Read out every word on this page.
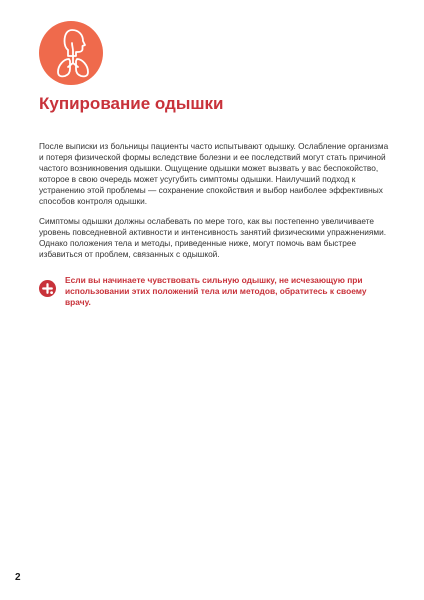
Купирование одышки

После выписки из больницы пациенты часто испытывают одышку. Ослабление организма и потеря физической формы вследствие болезни и ее последствий могут стать причиной частого возникновения одышки. Ощущение одышки может вызвать у вас беспокойство, которое в свою очередь может усугубить симптомы одышки. Наилучший подход к устранению этой проблемы — сохранение спокойствия и выбор наиболее эффективных способов контроля одышки.

Симптомы одышки должны ослабевать по мере того, как вы постепенно увеличиваете уровень повседневной активности и интенсивность занятий физическими упражнениями. Однако положения тела и методы, приведенные ниже, могут помочь вам быстрее избавиться от проблем, связанных с одышкой.

Если вы начинаете чувствовать сильную одышку, не исчезающую при использовании этих положений тела или методов, обратитесь к своему врачу.

2
